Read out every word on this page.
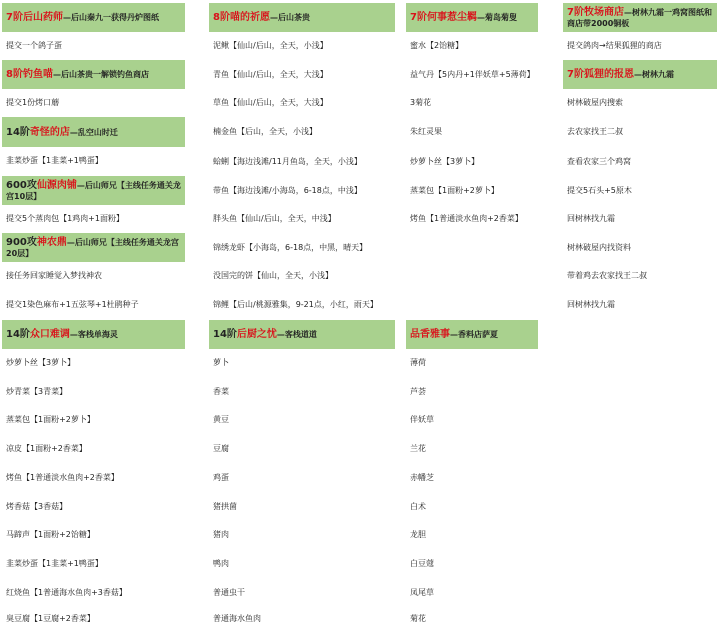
7阶后山药师—后山秦九一获得丹炉图纸
提交一个鸽子蛋
8阶钓鱼喵—后山茶贵一解锁钓鱼商店
提交1份烤口蘑
14阶奇怪的店—乱空山时迁
韭菜炒蛋【1韭菜+1鸭蛋】
600攻仙源肉铺—后山师兄【主线任务通关龙宫10层】
提交5个蒸肉包【1鸡肉+1面粉】
900攻神农鼎—后山师兄【主线任务通关龙宫20层】
接任务回家睡觉入梦找神农
提交1染色麻布+1五弦琴+1杜鹃种子
14阶众口难调—客栈单海灵
炒萝卜丝【3萝卜】
炒青菜【3青菜】
蒸菜包【1面粉+2萝卜】
凉皮【1面粉+2香菜】
烤鱼【1普通淡水鱼肉+2香菜】
烤香菇【3香菇】
马蹄声【1面粉+2饴糖】
韭菜炒蛋【1韭菜+1鸭蛋】
红烧鱼【1普通海水鱼肉+3香菇】
臭豆腐【1豆腐+2香菜】
8阶喵的祈愿—后山茶贵
泥鳅【仙山/后山，全天，小浅】
青鱼【仙山/后山，全天，大浅】
草鱼【仙山/后山，全天，大浅】
楠金鱼【后山，全天，小浅】
蛤蜊【海边浅滩/11月鱼岛，全天，小浅】
带鱼【海边浅滩/小海岛，6-18点，中浅】
胖头鱼【仙山/后山，全天，中浅】
锦绣龙虾【小海岛，6-18点，中黑，晴天】
没国完的饼【仙山，全天，小浅】
锦鲤【后山/桃源雅集，9-21点，小红，雨天】
14阶后厨之忧—客栈道道
萝卜
香菜
黄豆
豆腐
鸡蛋
猪拱菌
猪肉
鸭肉
普通虫干
普通海水鱼肉
7阶何事惹尘羁—菊岛菊叟
蜜水【2饴糖】
益气丹【5内丹+1伴妖草+5薄荷】
3菊花
朱红灵果
炒萝卜丝【3萝卜】
蒸菜包【1面粉+2萝卜】
烤鱼【1普通淡水鱼肉+2香菜】
品香雅事—香料店萨夏
薄荷
芦荟
伴妖草
兰花
赤幡芝
白术
龙胆
白豆蔻
凤尾草
菊花
7阶牧场商店—树林九霜一鸡窝图纸和商店带2000铜板
提交鸽肉→结果狐狸的商店
7阶狐狸的报恩—树林九霜
树林破屋内搜索
去农家找王二叔
查看农家三个鸡窝
提交5石头+5原木
回树林找九霜
树林破屋内找资料
带着鸡去农家找王二叔
回树林找九霜
